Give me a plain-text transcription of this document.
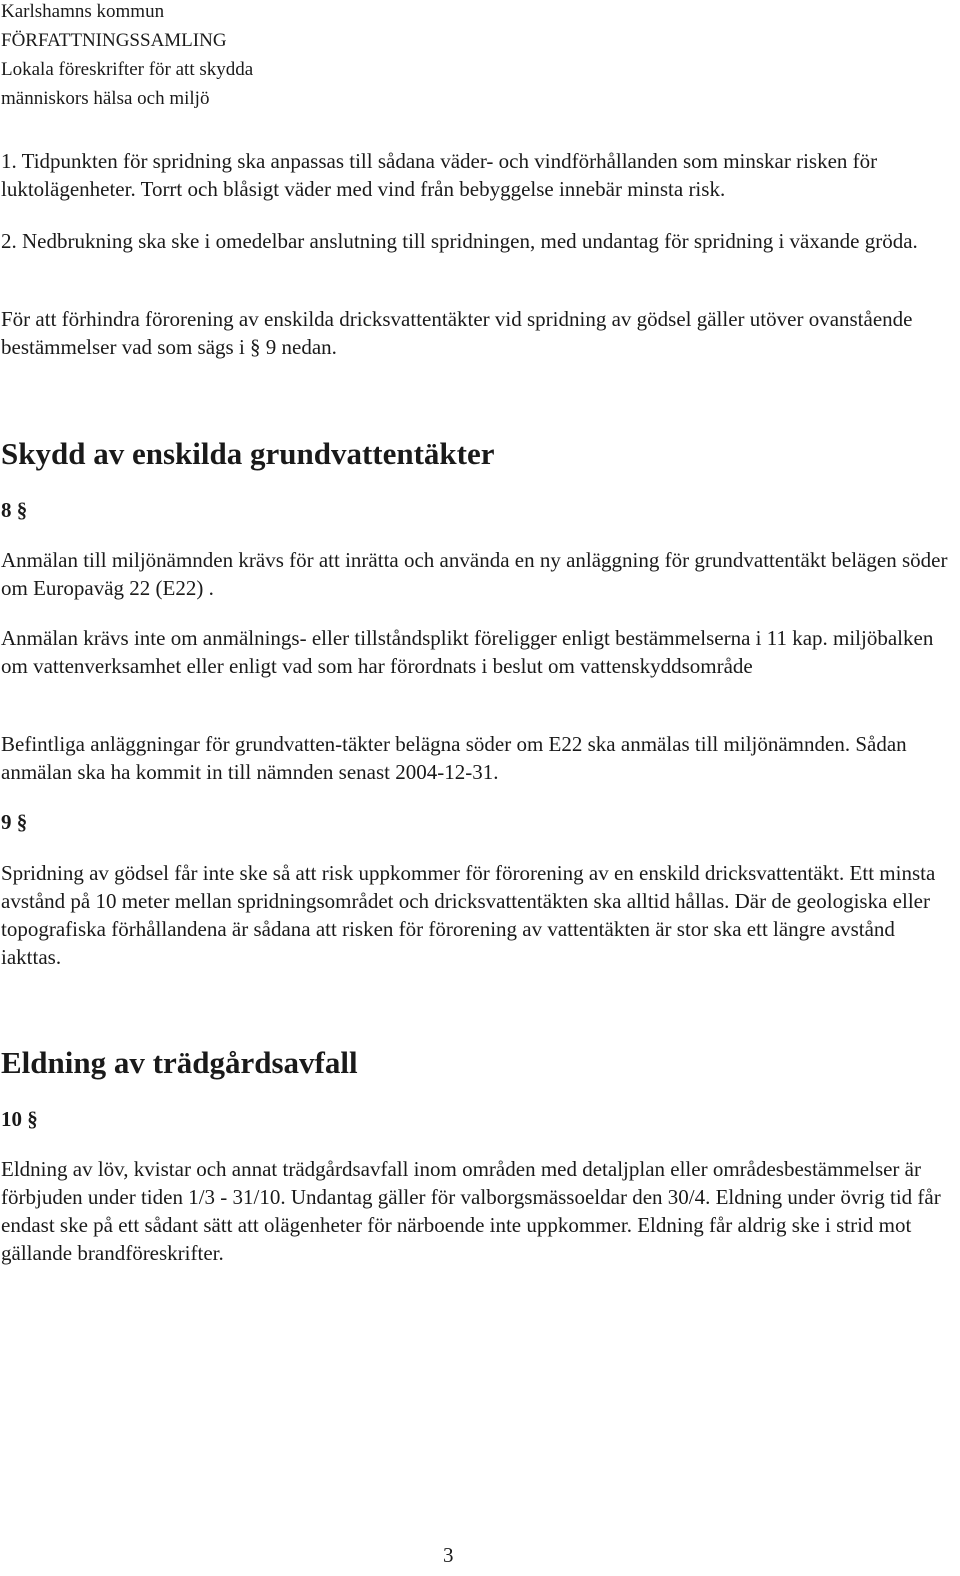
Karlshamns kommun
FÖRFATTNINGSSAMLING
Lokala föreskrifter för att skydda
människors hälsa och miljö

1. Tidpunkten för spridning ska anpassas till sådana väder- och vindförhållanden som minskar risken för luktolägenheter. Torrt och blåsigt väder med vind från bebyggelse innebär minsta risk.

2. Nedbrukning ska ske i omedelbar anslutning till spridningen, med undantag för spridning i växande gröda.

För att förhindra förorening av enskilda dricksvattentäkter vid spridning av gödsel gäller utöver ovanstående bestämmelser vad som sägs i § 9 nedan.

Skydd av enskilda grundvattentäkter

8 §

Anmälan till miljönämnden krävs för att inrätta och använda en ny anläggning för grundvattentäkt belägen söder om Europaväg 22 (E22) .

Anmälan krävs inte om anmälnings- eller tillståndsplikt föreligger enligt bestämmelserna i 11 kap. miljöbalken om vattenverksamhet eller enligt vad som har förordnats i beslut om vattenskyddsområde

Befintliga anläggningar för grundvatten-täkter belägna söder om E22 ska anmälas till miljönämnden. Sådan anmälan ska ha kommit in till nämnden senast 2004-12-31.

9 §

Spridning av gödsel får inte ske så att risk uppkommer för förorening av en enskild dricksvattentäkt. Ett minsta avstånd på 10 meter mellan spridningsområdet och dricksvattentäkten ska alltid hållas. Där de geologiska eller topografiska förhållandena är sådana att risken för förorening av vattentäkten är stor ska ett längre avstånd iakttas.

Eldning av trädgårdsavfall

10 §

Eldning av löv, kvistar och annat trädgårdsavfall inom områden med detaljplan eller områdesbestämmelser är förbjuden under tiden 1/3 - 31/10. Undantag gäller för valborgsmässoeldar den 30/4. Eldning under övrig tid får endast ske på ett sådant sätt att olägenheter för närboende inte uppkommer. Eldning får aldrig ske i strid mot gällande brandföreskrifter.

3
